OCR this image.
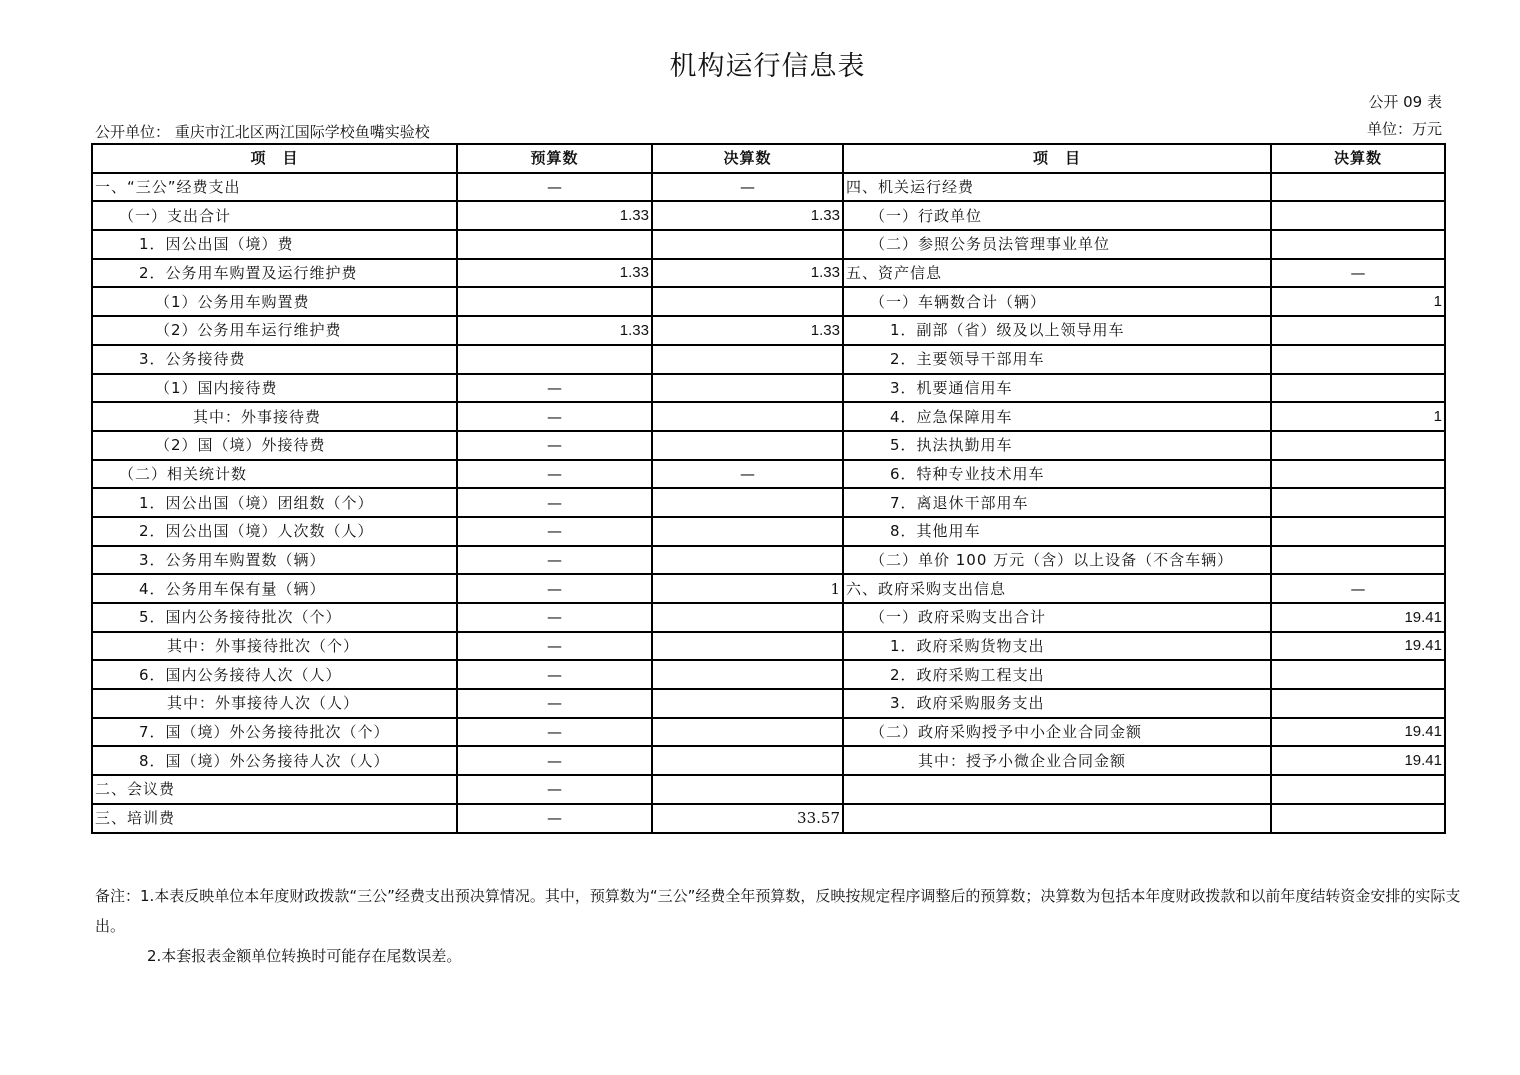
机构运行信息表
公开 09 表
单位：万元
公开单位： 重庆市江北区两江国际学校鱼嘴实验校
项　目	预算数	决算数	项　目	决算数
一、“三公”经费支出	—	—	四、机关运行经费	
（一）支出合计	1.33	1.33	（一）行政单位	
1．因公出国（境）费			（二）参照公务员法管理事业单位	
2．公务用车购置及运行维护费	1.33	1.33	五、资产信息	—
（1）公务用车购置费			（一）车辆数合计（辆）	1
（2）公务用车运行维护费	1.33	1.33	1．副部（省）级及以上领导用车	
3．公务接待费			2．主要领导干部用车	
（1）国内接待费	—		3．机要通信用车	
其中：外事接待费	—		4．应急保障用车	1
（2）国（境）外接待费	—		5．执法执勤用车	
（二）相关统计数	—	—	6．特种专业技术用车	
1．因公出国（境）团组数（个）	—		7．离退休干部用车	
2．因公出国（境）人次数（人）	—		8．其他用车	
3．公务用车购置数（辆）	—		（二）单价 100 万元（含）以上设备（不含车辆）	
4．公务用车保有量（辆）	—	1	六、政府采购支出信息	—
5．国内公务接待批次（个）	—		（一）政府采购支出合计	19.41
其中：外事接待批次（个）	—		1．政府采购货物支出	19.41
6．国内公务接待人次（人）	—		2．政府采购工程支出	
其中：外事接待人次（人）	—		3．政府采购服务支出	
7．国（境）外公务接待批次（个）	—		（二）政府采购授予中小企业合同金额	19.41
8．国（境）外公务接待人次（人）	—		其中：授予小微企业合同金额	19.41
二、会议费	—			
三、培训费	—	33.57		
备注：1.本表反映单位本年度财政拨款“三公”经费支出预决算情况。其中，预算数为“三公”经费全年预算数，反映按规定程序调整后的预算数；决算数为包括本年度财政拨款和以前年度结转资金安排的实际支出。
2.本套报表金额单位转换时可能存在尾数误差。
